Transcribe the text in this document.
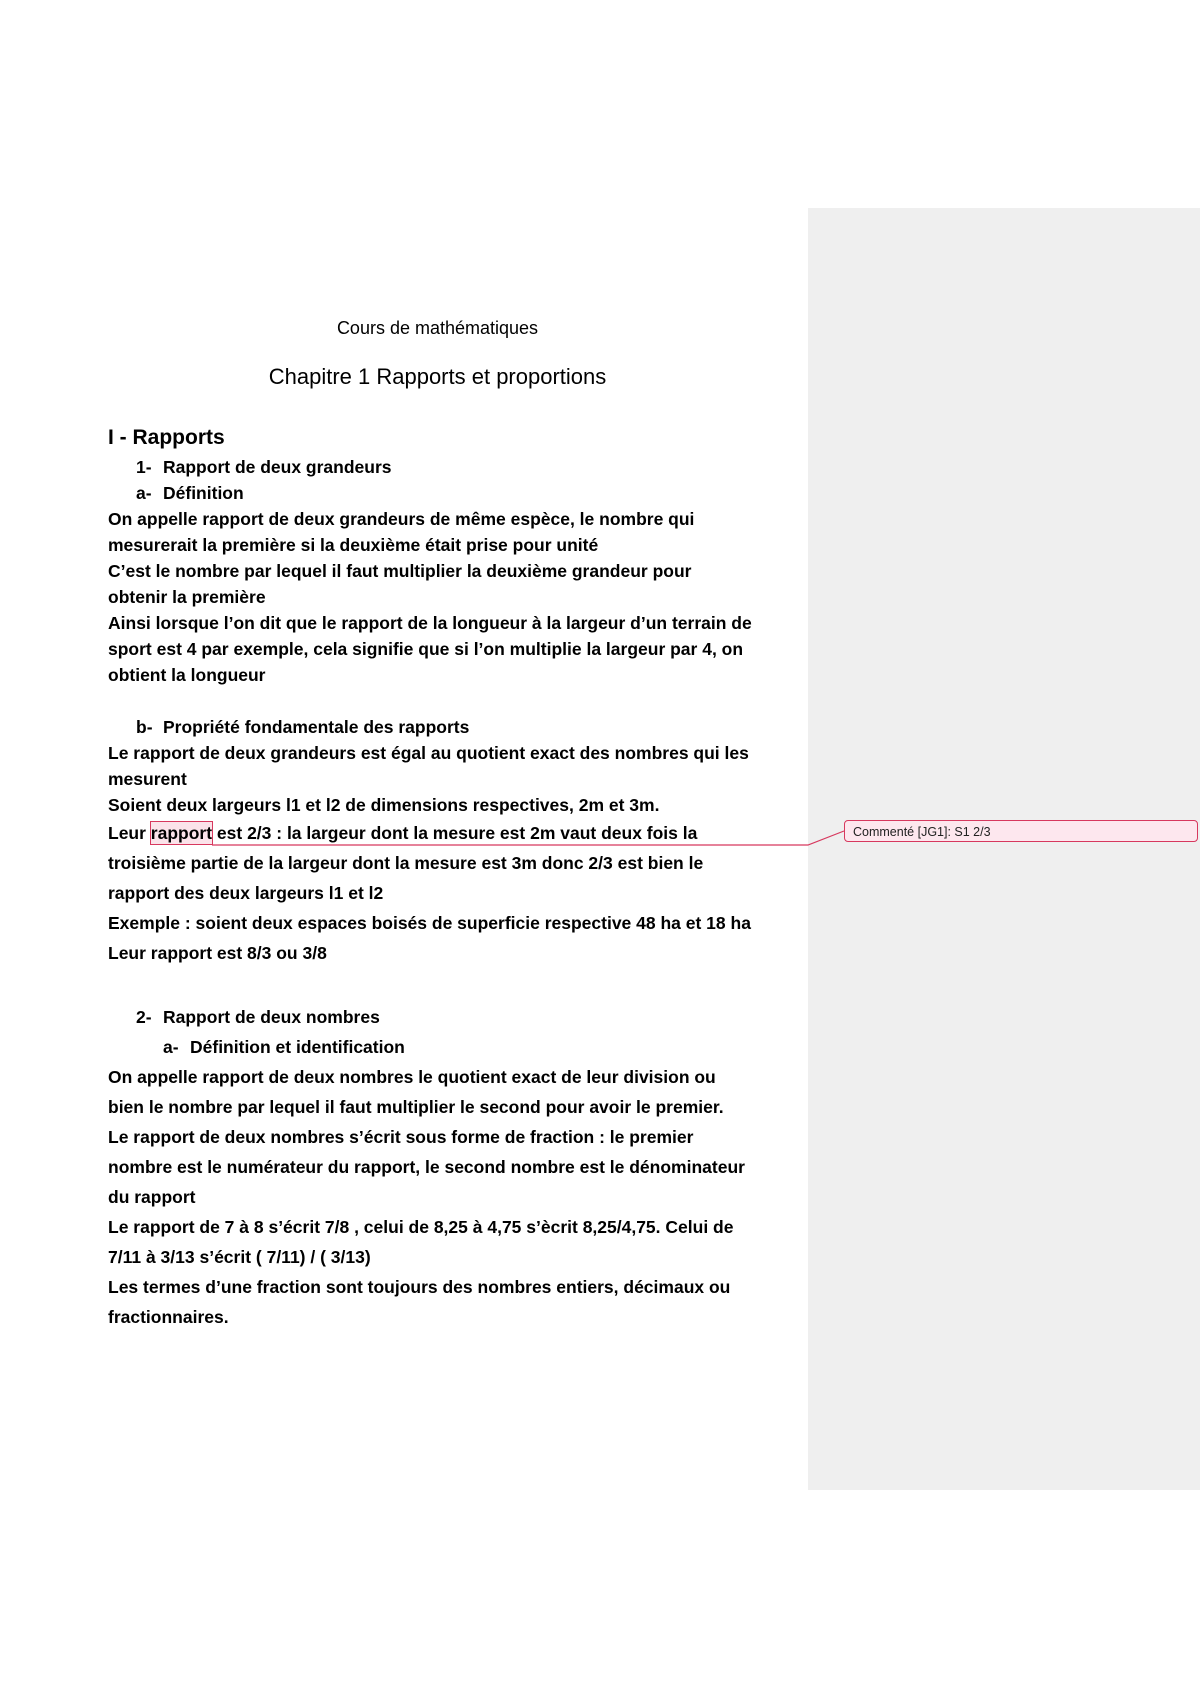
Cours de mathématiques
Chapitre 1 Rapports et proportions
I - Rapports
1- Rapport de deux grandeurs
a- Définition
On appelle rapport de deux grandeurs de même espèce, le nombre qui
mesurerait la première si la deuxième était prise pour unité
C’est le nombre par lequel il faut multiplier la deuxième grandeur pour
obtenir la première
Ainsi lorsque l’on dit que le rapport de la longueur à la largeur d’un terrain de
sport est 4 par exemple, cela signifie que si l’on multiplie la largeur par 4, on
obtient la longueur
b- Propriété fondamentale des rapports
Le rapport de deux grandeurs est égal au quotient exact des nombres qui les
mesurent
Soient deux largeurs l1 et l2 de dimensions respectives, 2m et 3m.
Leur rapport est 2/3 : la largeur dont la mesure est 2m vaut deux fois la
troisième partie de la largeur dont la mesure est 3m donc 2/3 est bien le
rapport des deux largeurs l1 et l2
Exemple : soient deux espaces boisés de superficie respective 48 ha et 18 ha
Leur rapport est 8/3 ou 3/8
2- Rapport de deux nombres
a- Définition et identification
On appelle rapport de deux nombres le quotient exact de leur division ou
bien le nombre par lequel il faut multiplier le second pour avoir le premier.
Le rapport de deux nombres s’écrit sous forme de fraction : le premier
nombre est le numérateur du rapport, le second nombre est le dénominateur
du rapport
Le rapport de 7 à 8 s’écrit 7/8 , celui de 8,25 à 4,75 s’ècrit 8,25/4,75. Celui de
7/11 à 3/13 s’écrit ( 7/11) / ( 3/13)
Les termes d’une fraction sont toujours des nombres entiers, décimaux ou
fractionnaires.
Commenté [JG1]: S1 2/3
